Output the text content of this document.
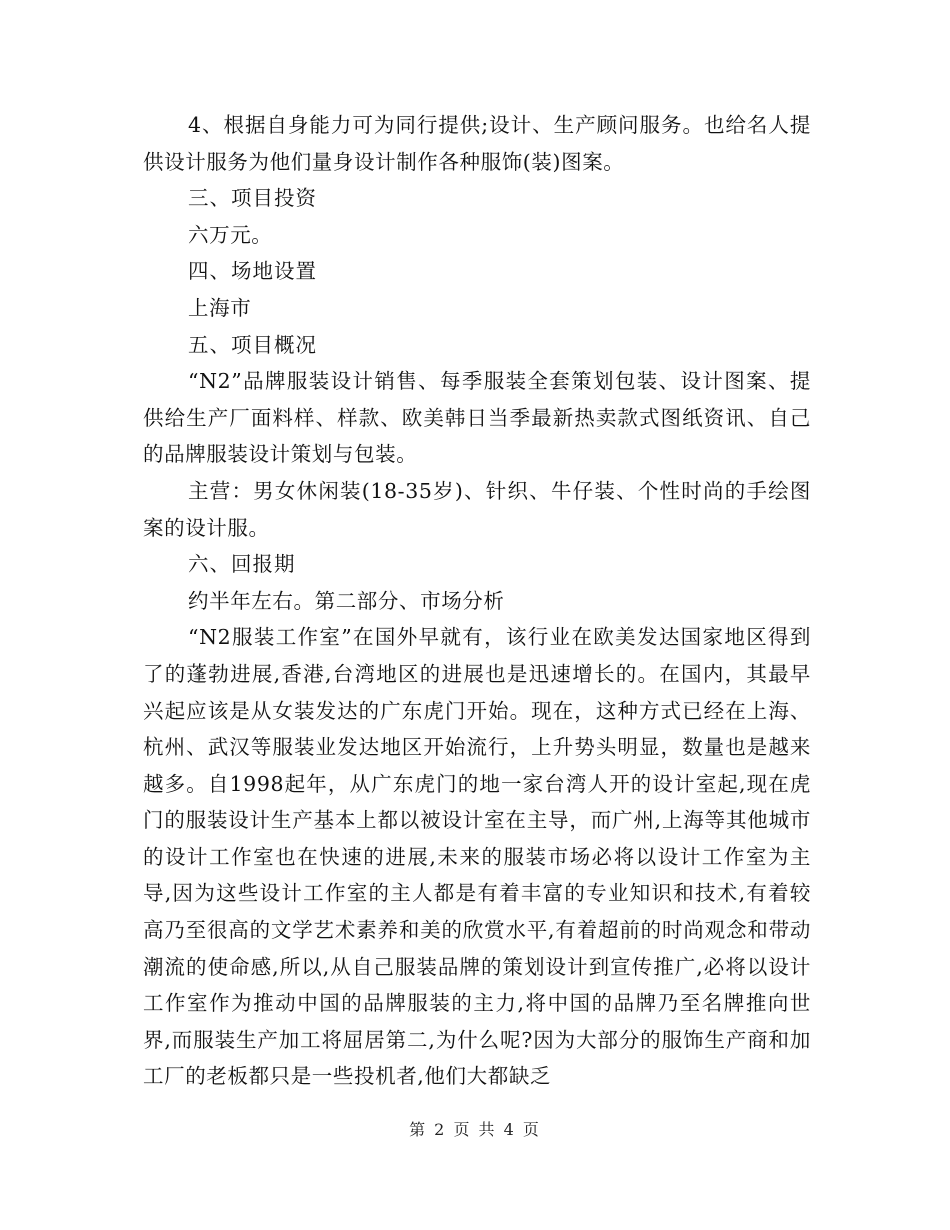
4、根据自身能力可为同行提供;设计、生产顾问服务。也给名人提供设计服务为他们量身设计制作各种服饰(装)图案。

三、项目投资

六万元。

四、场地设置

上海市

五、项目概况

“N2”品牌服装设计销售、每季服装全套策划包装、设计图案、提供给生产厂面料样、样款、欧美韩日当季最新热卖款式图纸资讯、自己的品牌服装设计策划与包装。

主营：男女休闲装(18-35岁)、针织、牛仔装、个性时尚的手绘图案的设计服。

六、回报期

约半年左右。第二部分、市场分析

“N2服装工作室”在国外早就有，该行业在欧美发达国家地区得到了的蓬勃进展,香港,台湾地区的进展也是迅速增长的。在国内，其最早兴起应该是从女装发达的广东虎门开始。现在，这种方式已经在上海、杭州、武汉等服装业发达地区开始流行，上升势头明显，数量也是越来越多。自1998起年，从广东虎门的地一家台湾人开的设计室起,现在虎门的服装设计生产基本上都以被设计室在主导，而广州,上海等其他城市的设计工作室也在快速的进展,未来的服装市场必将以设计工作室为主导,因为这些设计工作室的主人都是有着丰富的专业知识和技术,有着较高乃至很高的文学艺术素养和美的欣赏水平,有着超前的时尚观念和带动潮流的使命感,所以,从自己服装品牌的策划设计到宣传推广,必将以设计工作室作为推动中国的品牌服装的主力,将中国的品牌乃至名牌推向世界,而服装生产加工将屈居第二,为什么呢?因为大部分的服饰生产商和加工厂的老板都只是一些投机者,他们大都缺乏

第 2 页 共 4 页
